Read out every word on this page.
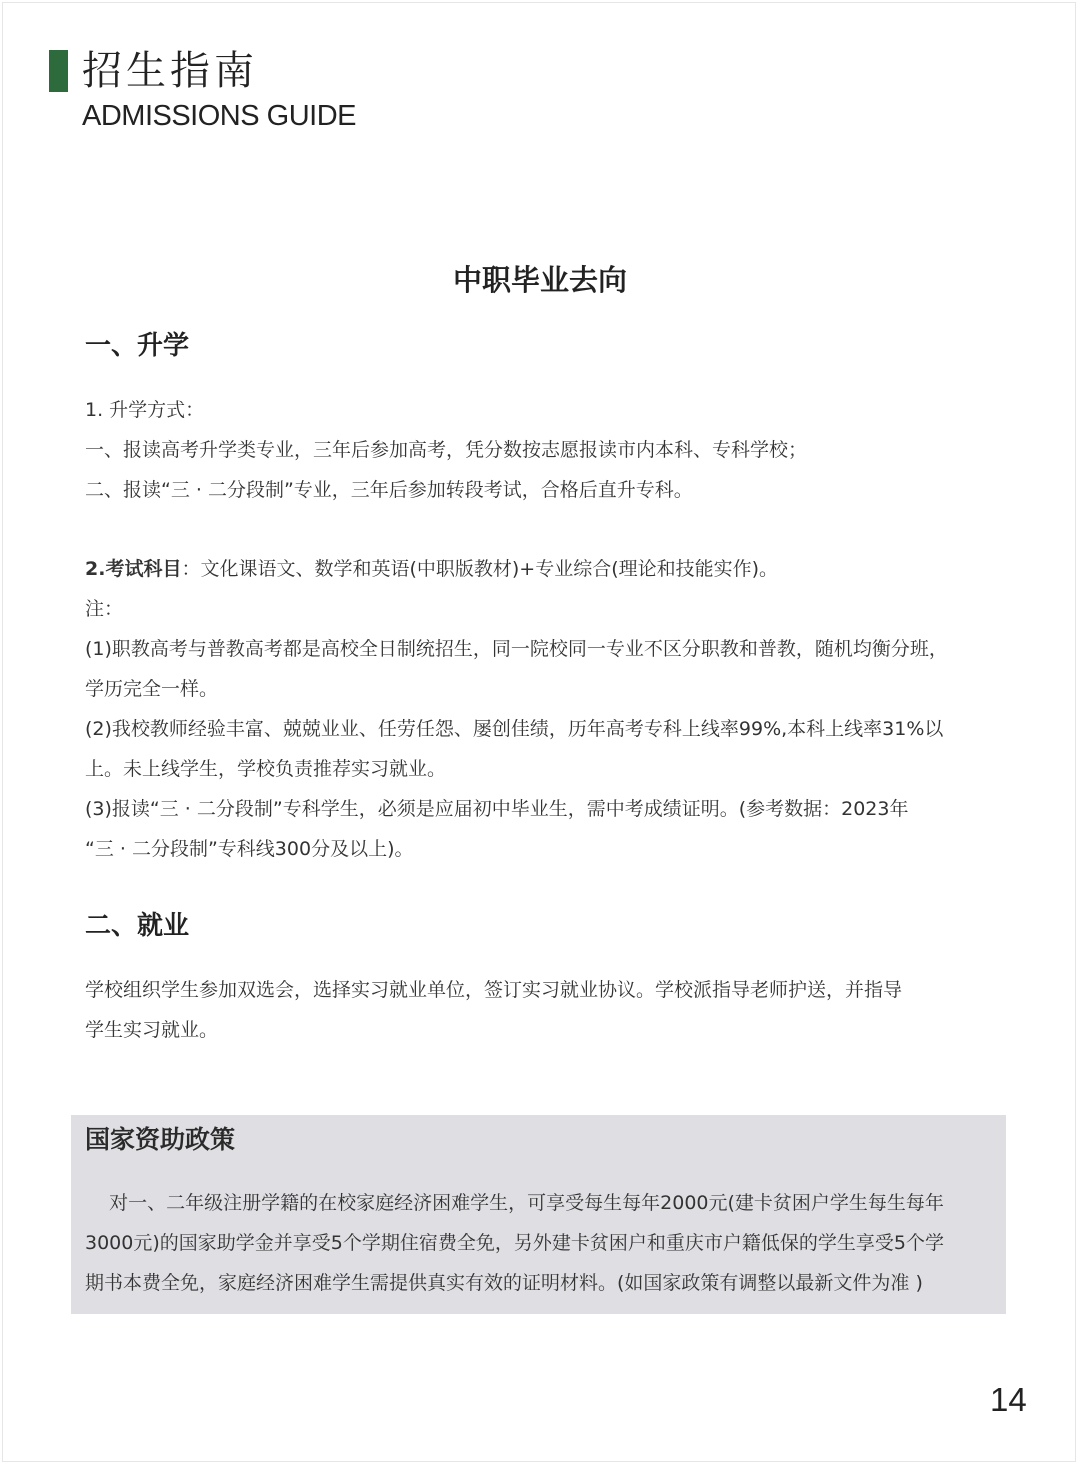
招生指南
ADMISSIONS GUIDE
中职毕业去向
一、升学
1. 升学方式：
一、报读高考升学类专业，三年后参加高考，凭分数按志愿报读市内本科、专科学校；
二、报读“三 · 二分段制”专业，三年后参加转段考试，合格后直升专科。
2.考试科目：文化课语文、数学和英语(中职版教材)+专业综合(理论和技能实作)。
注：
(1)职教高考与普教高考都是高校全日制统招生，同一院校同一专业不区分职教和普教，随机均衡分班，
学历完全一样。
(2)我校教师经验丰富、兢兢业业、任劳任怨、屡创佳绩，历年高考专科上线率99%,本科上线率31%以
上。未上线学生，学校负责推荐实习就业。
(3)报读“三 · 二分段制”专科学生，必须是应届初中毕业生，需中考成绩证明。(参考数据：2023年
“三 · 二分段制”专科线300分及以上)。
二、就业
学校组织学生参加双选会，选择实习就业单位，签订实习就业协议。学校派指导老师护送，并指导
学生实习就业。
国家资助政策
对一、二年级注册学籍的在校家庭经济困难学生，可享受每生每年2000元(建卡贫困户学生每生每年
3000元)的国家助学金并享受5个学期住宿费全免，另外建卡贫困户和重庆市户籍低保的学生享受5个学
期书本费全免，家庭经济困难学生需提供真实有效的证明材料。(如国家政策有调整以最新文件为准 )
14
